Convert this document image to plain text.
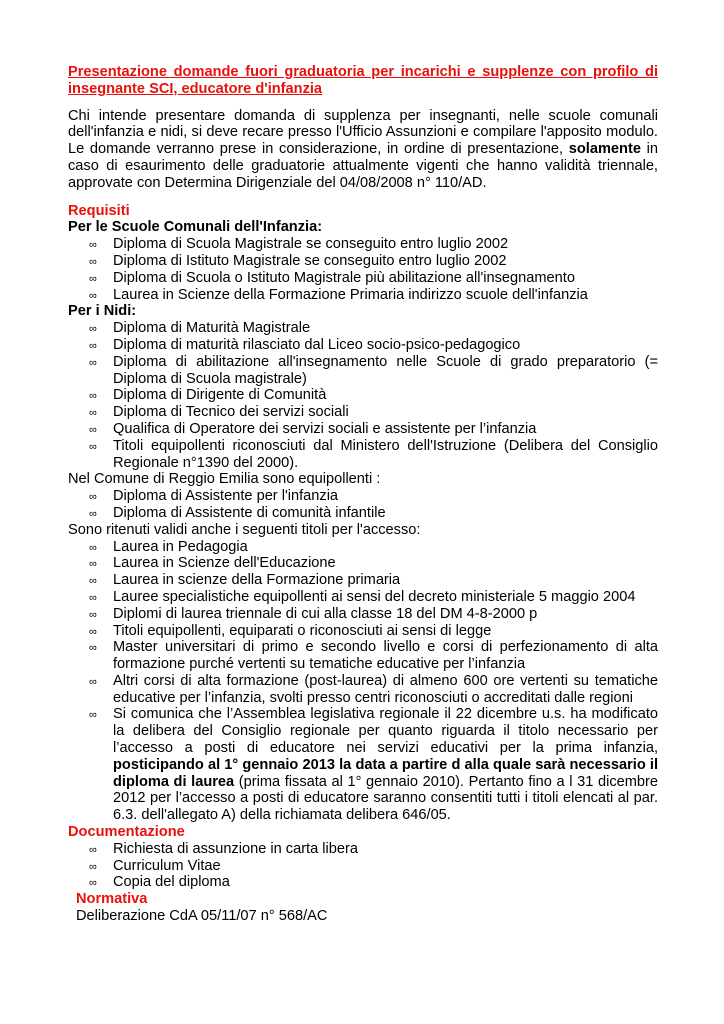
Presentazione domande fuori graduatoria per incarichi e supplenze con profilo di insegnante SCI, educatore d'infanzia

Chi intende presentare domanda di supplenza per insegnanti, nelle scuole comunali dell'infanzia e nidi, si deve recare presso l'Ufficio Assunzioni e compilare l'apposito modulo. Le domande verranno prese in considerazione, in ordine di presentazione, solamente in caso di esaurimento delle graduatorie attualmente vigenti che hanno validità triennale, approvate con Determina Dirigenziale del 04/08/2008 n° 110/AD.

Requisiti

Per le Scuole Comunali dell'Infanzia:

∞ Diploma di Scuola Magistrale se conseguito entro luglio 2002
∞ Diploma di Istituto Magistrale se conseguito entro luglio 2002
∞ Diploma di Scuola o Istituto Magistrale più abilitazione all'insegnamento
∞ Laurea in Scienze della Formazione Primaria indirizzo scuole dell'infanzia

Per i Nidi:

∞ Diploma di Maturità Magistrale
∞ Diploma di maturità rilasciato dal Liceo socio-psico-pedagogico
∞ Diploma di abilitazione all'insegnamento nelle Scuole di grado preparatorio (= Diploma di Scuola magistrale)
∞ Diploma di Dirigente di Comunità
∞ Diploma di Tecnico dei servizi sociali
∞ Qualifica di Operatore dei servizi sociali e assistente per l’infanzia
∞ Titoli equipollenti riconosciuti dal Ministero dell'Istruzione (Delibera del Consiglio Regionale n°1390 del 2000).

Nel Comune di Reggio Emilia sono equipollenti :

∞ Diploma di Assistente per l'infanzia
∞ Diploma di Assistente di comunità infantile

Sono ritenuti validi anche i seguenti titoli per l'accesso:

∞ Laurea in Pedagogia
∞ Laurea in Scienze dell'Educazione
∞ Laurea in scienze della Formazione primaria
∞ Lauree specialistiche equipollenti ai sensi del decreto ministeriale 5 maggio 2004
∞ Diplomi di laurea triennale di cui alla classe 18 del DM 4-8-2000 p
∞ Titoli equipollenti, equiparati o riconosciuti ai sensi di legge
∞ Master universitari di primo e secondo livello e corsi di perfezionamento di alta formazione purché vertenti su tematiche educative per l’infanzia
∞ Altri corsi di alta formazione (post-laurea) di almeno 600 ore vertenti su tematiche educative per l’infanzia, svolti presso centri riconosciuti o accreditati dalle regioni
∞ Si comunica che l’Assemblea legislativa regionale il 22 dicembre u.s. ha modificato la delibera del Consiglio regionale per quanto riguarda il titolo necessario per l’accesso a posti di educatore nei servizi educativi per la prima infanzia, posticipando al 1° gennaio 2013 la data a partire d alla quale sarà necessario il diploma di laurea (prima fissata al 1° gennaio 2010). Pertanto fino a l 31 dicembre 2012 per l’accesso a posti di educatore saranno consentiti tutti i titoli elencati al par. 6.3. dell'allegato A) della richiamata delibera 646/05.

Documentazione

∞ Richiesta di assunzione in carta libera
∞ Curriculum Vitae
∞ Copia del diploma

Normativa

Deliberazione CdA 05/11/07 n° 568/AC
